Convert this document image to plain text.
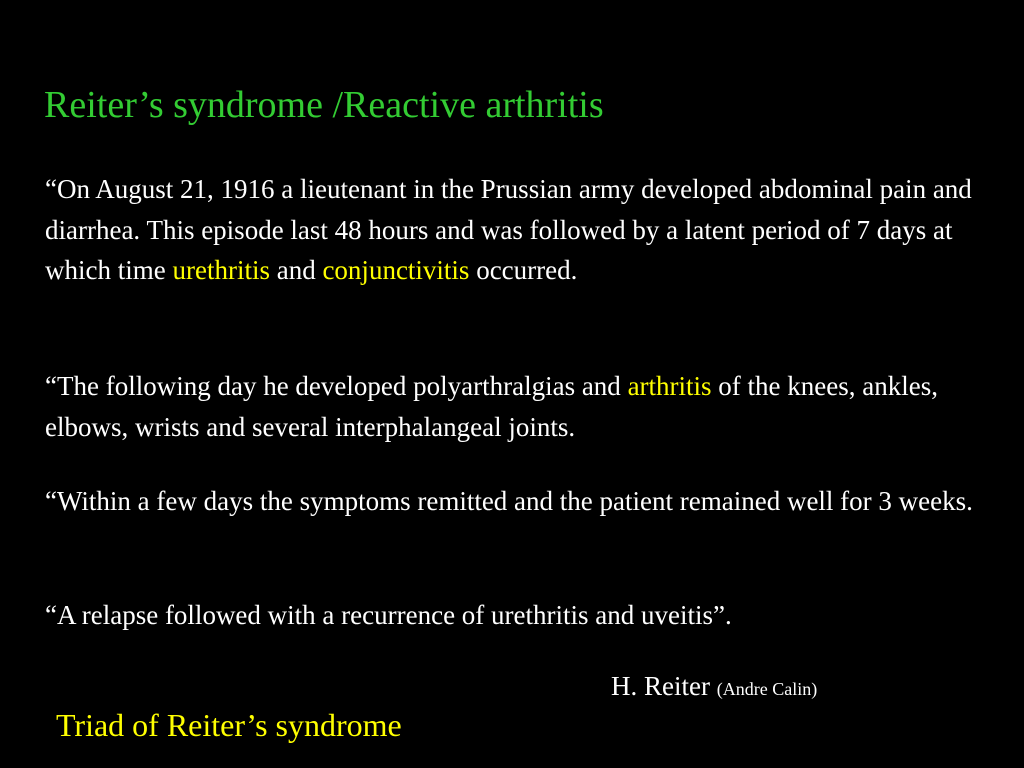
Reiter’s syndrome /Reactive arthritis

“On August 21, 1916 a lieutenant in the Prussian army developed abdominal pain and diarrhea. This episode last 48 hours and was followed by a latent period of 7 days at which time urethritis and conjunctivitis occurred.

“The following day he developed polyarthralgias and arthritis of the knees, ankles, elbows, wrists and several interphalangeal joints.

“Within a few days the symptoms remitted and the patient remained well for 3 weeks.

“A relapse followed with a recurrence of urethritis and uveitis”.

H. Reiter (Andre Calin)
Triad of Reiter’s syndrome
